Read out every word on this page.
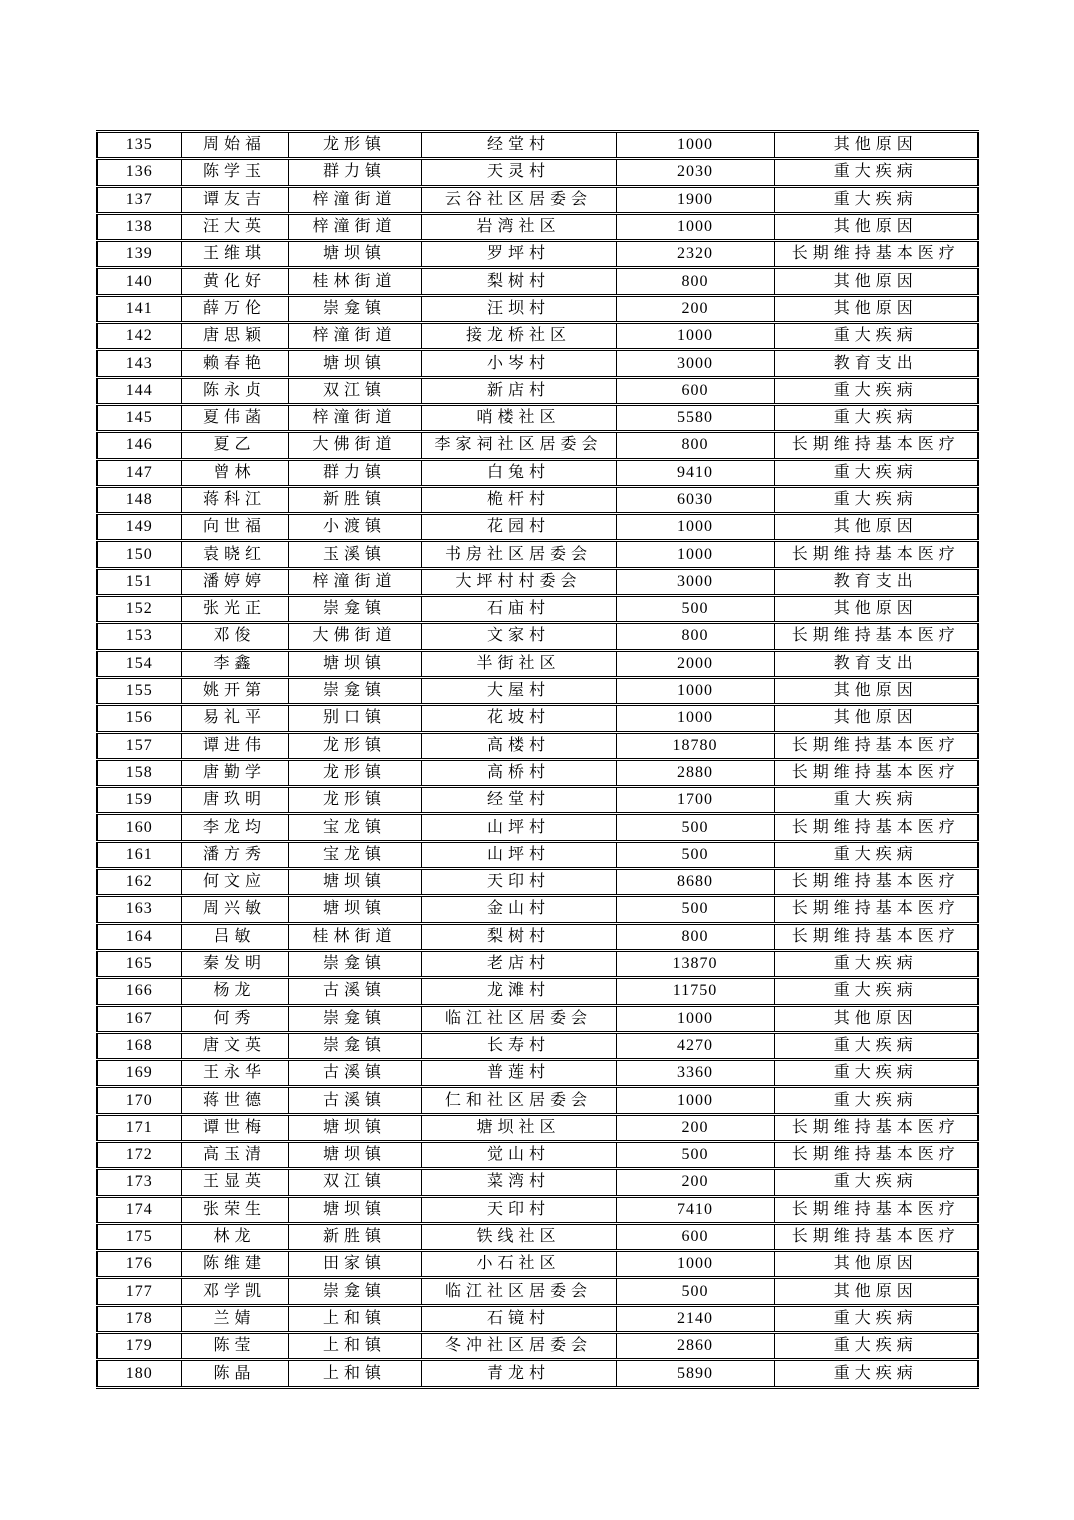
135	周始福	龙形镇	经堂村	1000	其他原因
136	陈学玉	群力镇	天灵村	2030	重大疾病
137	谭友吉	梓潼街道	云谷社区居委会	1900	重大疾病
138	汪大英	梓潼街道	岩湾社区	1000	其他原因
139	王维琪	塘坝镇	罗坪村	2320	长期维持基本医疗
140	黄化好	桂林街道	梨树村	800	其他原因
141	薛万伦	崇龛镇	汪坝村	200	其他原因
142	唐思颖	梓潼街道	接龙桥社区	1000	重大疾病
143	赖春艳	塘坝镇	小岑村	3000	教育支出
144	陈永贞	双江镇	新店村	600	重大疾病
145	夏伟菡	梓潼街道	哨楼社区	5580	重大疾病
146	夏乙	大佛街道	李家祠社区居委会	800	长期维持基本医疗
147	曾林	群力镇	白兔村	9410	重大疾病
148	蒋科江	新胜镇	桅杆村	6030	重大疾病
149	向世福	小渡镇	花园村	1000	其他原因
150	袁晓红	玉溪镇	书房社区居委会	1000	长期维持基本医疗
151	潘婷婷	梓潼街道	大坪村村委会	3000	教育支出
152	张光正	崇龛镇	石庙村	500	其他原因
153	邓俊	大佛街道	文家村	800	长期维持基本医疗
154	李鑫	塘坝镇	半街社区	2000	教育支出
155	姚开第	崇龛镇	大屋村	1000	其他原因
156	易礼平	别口镇	花坡村	1000	其他原因
157	谭进伟	龙形镇	高楼村	18780	长期维持基本医疗
158	唐勤学	龙形镇	高桥村	2880	长期维持基本医疗
159	唐玖明	龙形镇	经堂村	1700	重大疾病
160	李龙均	宝龙镇	山坪村	500	长期维持基本医疗
161	潘方秀	宝龙镇	山坪村	500	重大疾病
162	何文应	塘坝镇	天印村	8680	长期维持基本医疗
163	周兴敏	塘坝镇	金山村	500	长期维持基本医疗
164	吕敏	桂林街道	梨树村	800	长期维持基本医疗
165	秦发明	崇龛镇	老店村	13870	重大疾病
166	杨龙	古溪镇	龙滩村	11750	重大疾病
167	何秀	崇龛镇	临江社区居委会	1000	其他原因
168	唐文英	崇龛镇	长寿村	4270	重大疾病
169	王永华	古溪镇	普莲村	3360	重大疾病
170	蒋世德	古溪镇	仁和社区居委会	1000	重大疾病
171	谭世梅	塘坝镇	塘坝社区	200	长期维持基本医疗
172	高玉清	塘坝镇	觉山村	500	长期维持基本医疗
173	王显英	双江镇	菜湾村	200	重大疾病
174	张荣生	塘坝镇	天印村	7410	长期维持基本医疗
175	林龙	新胜镇	铁线社区	600	长期维持基本医疗
176	陈维建	田家镇	小石社区	1000	其他原因
177	邓学凯	崇龛镇	临江社区居委会	500	其他原因
178	兰婧	上和镇	石镜村	2140	重大疾病
179	陈莹	上和镇	冬冲社区居委会	2860	重大疾病
180	陈晶	上和镇	青龙村	5890	重大疾病
